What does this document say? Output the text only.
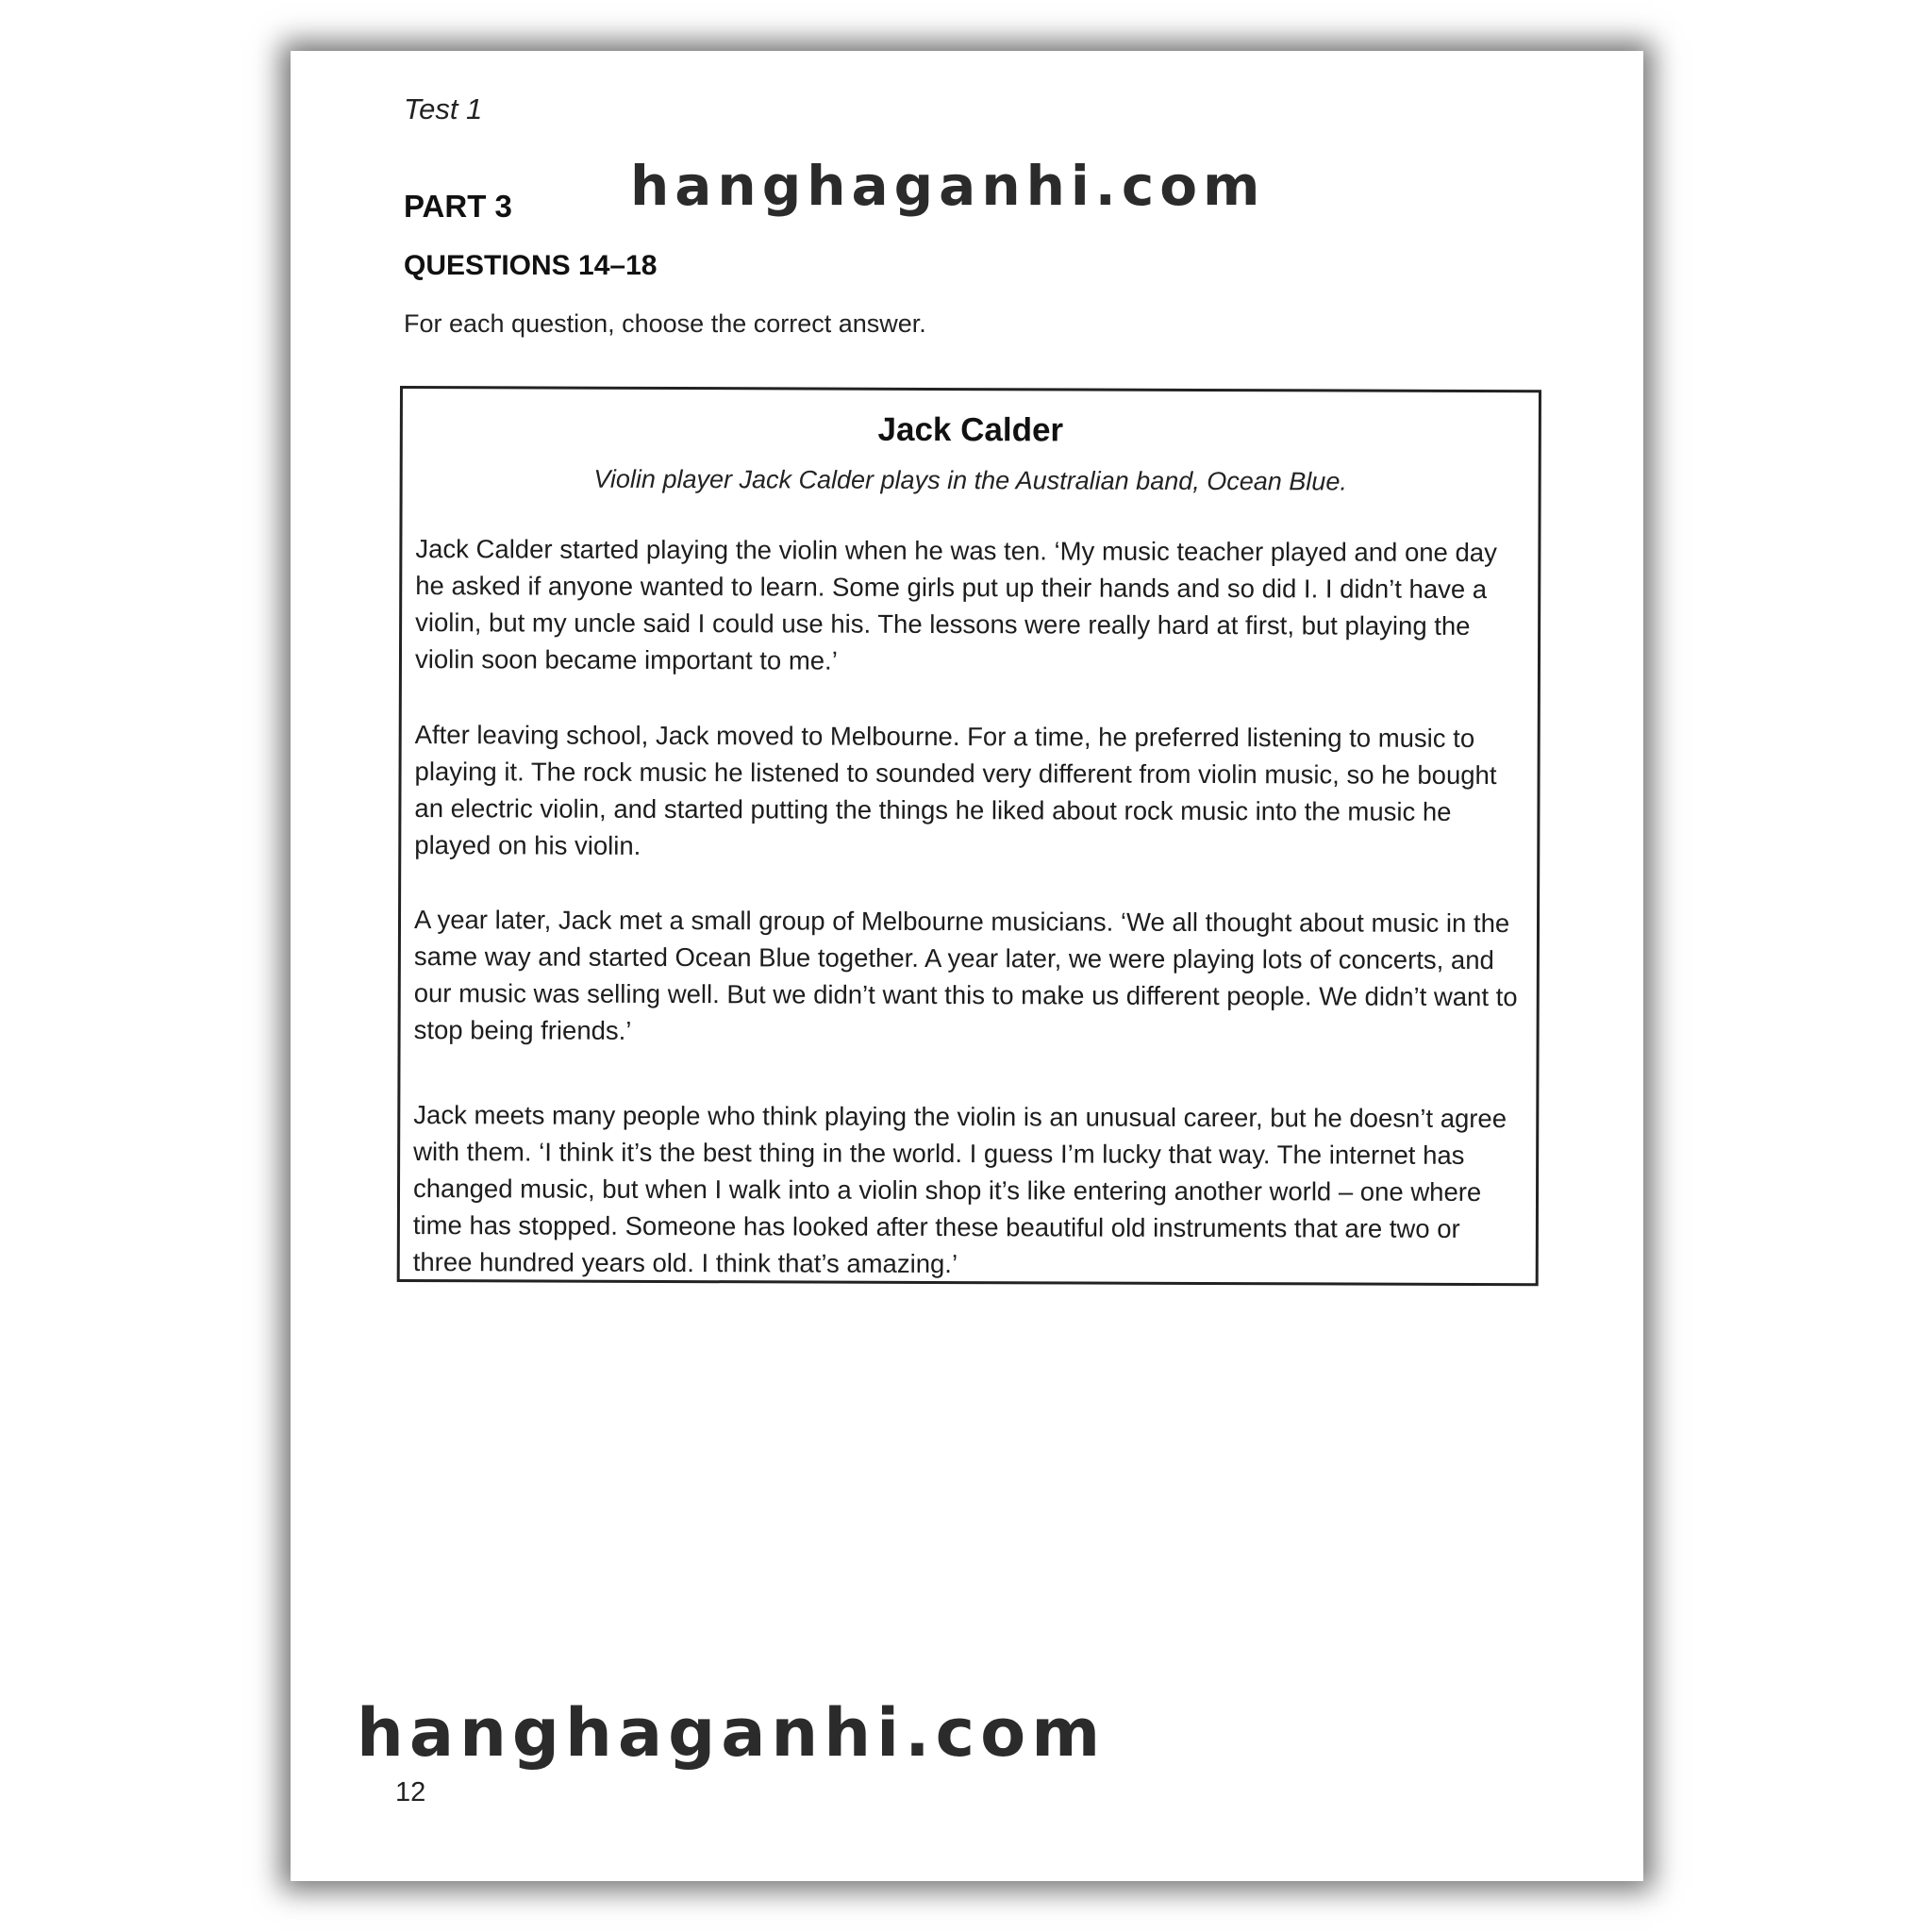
Test 1
PART 3
QUESTIONS 14–18
For each question, choose the correct answer.
Jack Calder
Violin player Jack Calder plays in the Australian band, Ocean Blue.
Jack Calder started playing the violin when he was ten. ‘My music teacher played and one day he asked if anyone wanted to learn. Some girls put up their hands and so did I. I didn’t have a violin, but my uncle said I could use his. The lessons were really hard at first, but playing the violin soon became important to me.’
After leaving school, Jack moved to Melbourne. For a time, he preferred listening to music to playing it. The rock music he listened to sounded very different from violin music, so he bought an electric violin, and started putting the things he liked about rock music into the music he played on his violin.
A year later, Jack met a small group of Melbourne musicians. ‘We all thought about music in the same way and started Ocean Blue together. A year later, we were playing lots of concerts, and our music was selling well. But we didn’t want this to make us different people. We didn’t want to stop being friends.’
Jack meets many people who think playing the violin is an unusual career, but he doesn’t agree with them. ‘I think it’s the best thing in the world. I guess I’m lucky that way. The internet has changed music, but when I walk into a violin shop it’s like entering another world – one where time has stopped. Someone has looked after these beautiful old instruments that are two or three hundred years old. I think that’s amazing.’
12
hanghaganhi.com
hanghaganhi.com
